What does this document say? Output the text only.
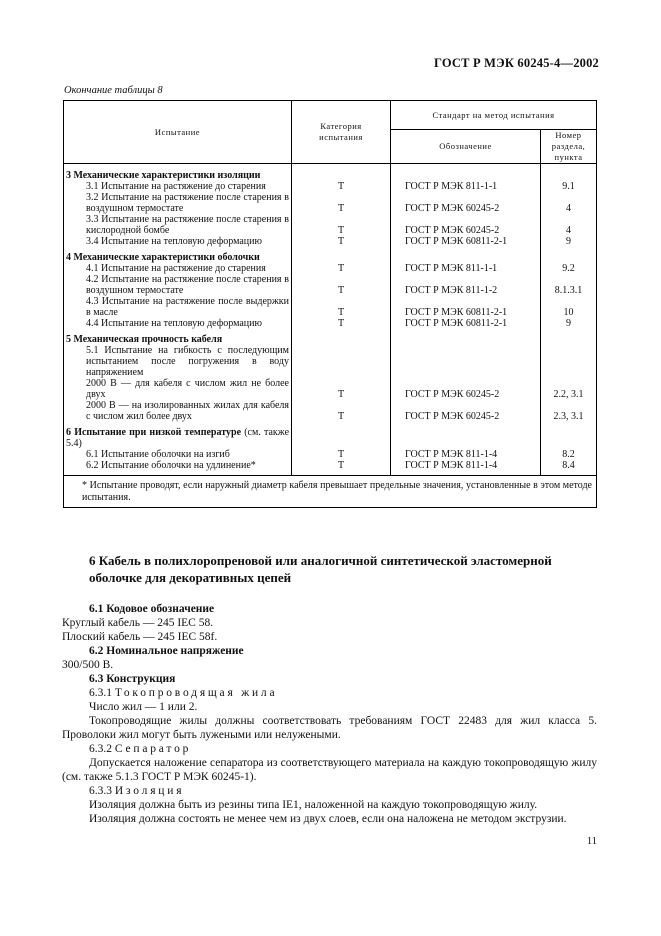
ГОСТ Р МЭК 60245-4—2002
Окончание таблицы 8
Испытание	Категория испытания	Стандарт на метод испытания	
		Обозначение	Номер раздела, пункта
3 Механические характеристики изоляции			

3.1 Испытание на растяжение до старения	Т	ГОСТ Р МЭК 811-1-1	9.1

3.2 Испытание на растяжение после старения в воздушном термостате	Т	ГОСТ Р МЭК 60245-2	4

3.3 Испытание на растяжение после старения в кислородной бомбе	Т	ГОСТ Р МЭК 60245-2	4

3.4 Испытание на тепловую деформацию	Т	ГОСТ Р МЭК 60811-2-1	9
4 Механические характеристики оболочки			

4.1 Испытание на растяжение до старения	Т	ГОСТ Р МЭК 811-1-1	9.2

4.2 Испытание на растяжение после старения в воздушном термостате	Т	ГОСТ Р МЭК 811-1-2	8.1.3.1

4.3 Испытание на растяжение после выдержки в масле	Т	ГОСТ Р МЭК 60811-2-1	10

4.4 Испытание на тепловую деформацию	Т	ГОСТ Р МЭК 60811-2-1	9
5 Механическая прочность кабеля			

5.1 Испытание на гибкость с последующим испытанием после погружения в воду напряжением			

2000 В — для кабеля с числом жил не более двух	Т	ГОСТ Р МЭК 60245-2	2.2, 3.1

2000 В — на изолированных жилах для кабеля с числом жил более двух	Т	ГОСТ Р МЭК 60245-2	2.3, 3.1
6 Испытание при низкой температуре (см. также 5.4)			

6.1 Испытание оболочки на изгиб	Т	ГОСТ Р МЭК 811-1-4	8.2

6.2 Испытание оболочки на удлинение*	Т	ГОСТ Р МЭК 811-1-4	8.4
* Испытание проводят, если наружный диаметр кабеля превышает предельные значения, установленные в этом методе испытания.			
6 Кабель в полихлоропреновой или аналогичной синтетической эластомерной оболочке для декоративных цепей

6.1 Кодовое обозначение

Круглый кабель — 245 IEC 58.

Плоский кабель — 245 IEC 58f.

6.2 Номинальное напряжение

300/500 В.

6.3 Конструкция

6.3.1 Токопроводящая жила

Число жил — 1 или 2.

Токопроводящие жилы должны соответствовать требованиям ГОСТ 22483 для жил класса 5. Проволоки жил могут быть лужеными или нелужеными.

6.3.2 Сепаратор

Допускается наложение сепаратора из соответствующего материала на каждую токопроводящую жилу (см. также 5.1.3 ГОСТ Р МЭК 60245-1).

6.3.3 Изоляция

Изоляция должна быть из резины типа IE1, наложенной на каждую токопроводящую жилу.

Изоляция должна состоять не менее чем из двух слоев, если она наложена не методом экструзии.

11
